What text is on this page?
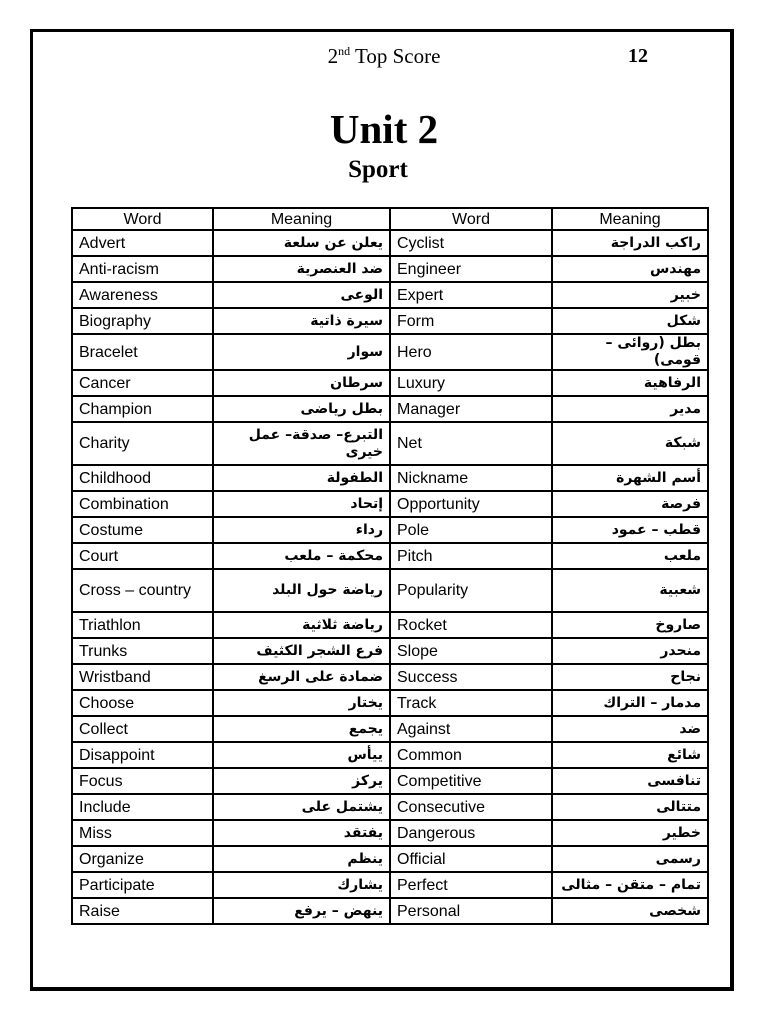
2nd Top Score	12
Unit 2
Sport
Word	Meaning	Word	Meaning
Advert	يعلن عن سلعة	Cyclist	راكب الدراجة
Anti-racism	ضد العنصرية	Engineer	مهندس
Awareness	الوعى	Expert	خبير
Biography	سيرة ذاتية	Form	شكل
Bracelet	سوار	Hero	بطل (روائى – قومى)
Cancer	سرطان	Luxury	الرفاهية
Champion	بطل رياضى	Manager	مدير
Charity	التبرع– صدقة– عمل خيرى	Net	شبكة
Childhood	الطفولة	Nickname	أسم الشهرة
Combination	إتحاد	Opportunity	فرصة
Costume	رداء	Pole	قطب – عمود
Court	محكمة – ملعب	Pitch	ملعب
Cross – country	رياضة حول البلد	Popularity	شعبية
Triathlon	رياضة ثلاثية	Rocket	صاروخ
Trunks	فرع الشجر الكثيف	Slope	منحدر
Wristband	ضمادة على الرسغ	Success	نجاح
Choose	يختار	Track	مدمار – التراك
Collect	يجمع	Against	ضد
Disappoint	ييأس	Common	شائع
Focus	يركز	Competitive	تنافسى
Include	يشتمل على	Consecutive	متتالى
Miss	يفتقد	Dangerous	خطير
Organize	ينظم	Official	رسمى
Participate	يشارك	Perfect	تمام – متقن – مثالى
Raise	ينهض – يرفع	Personal	شخصى
